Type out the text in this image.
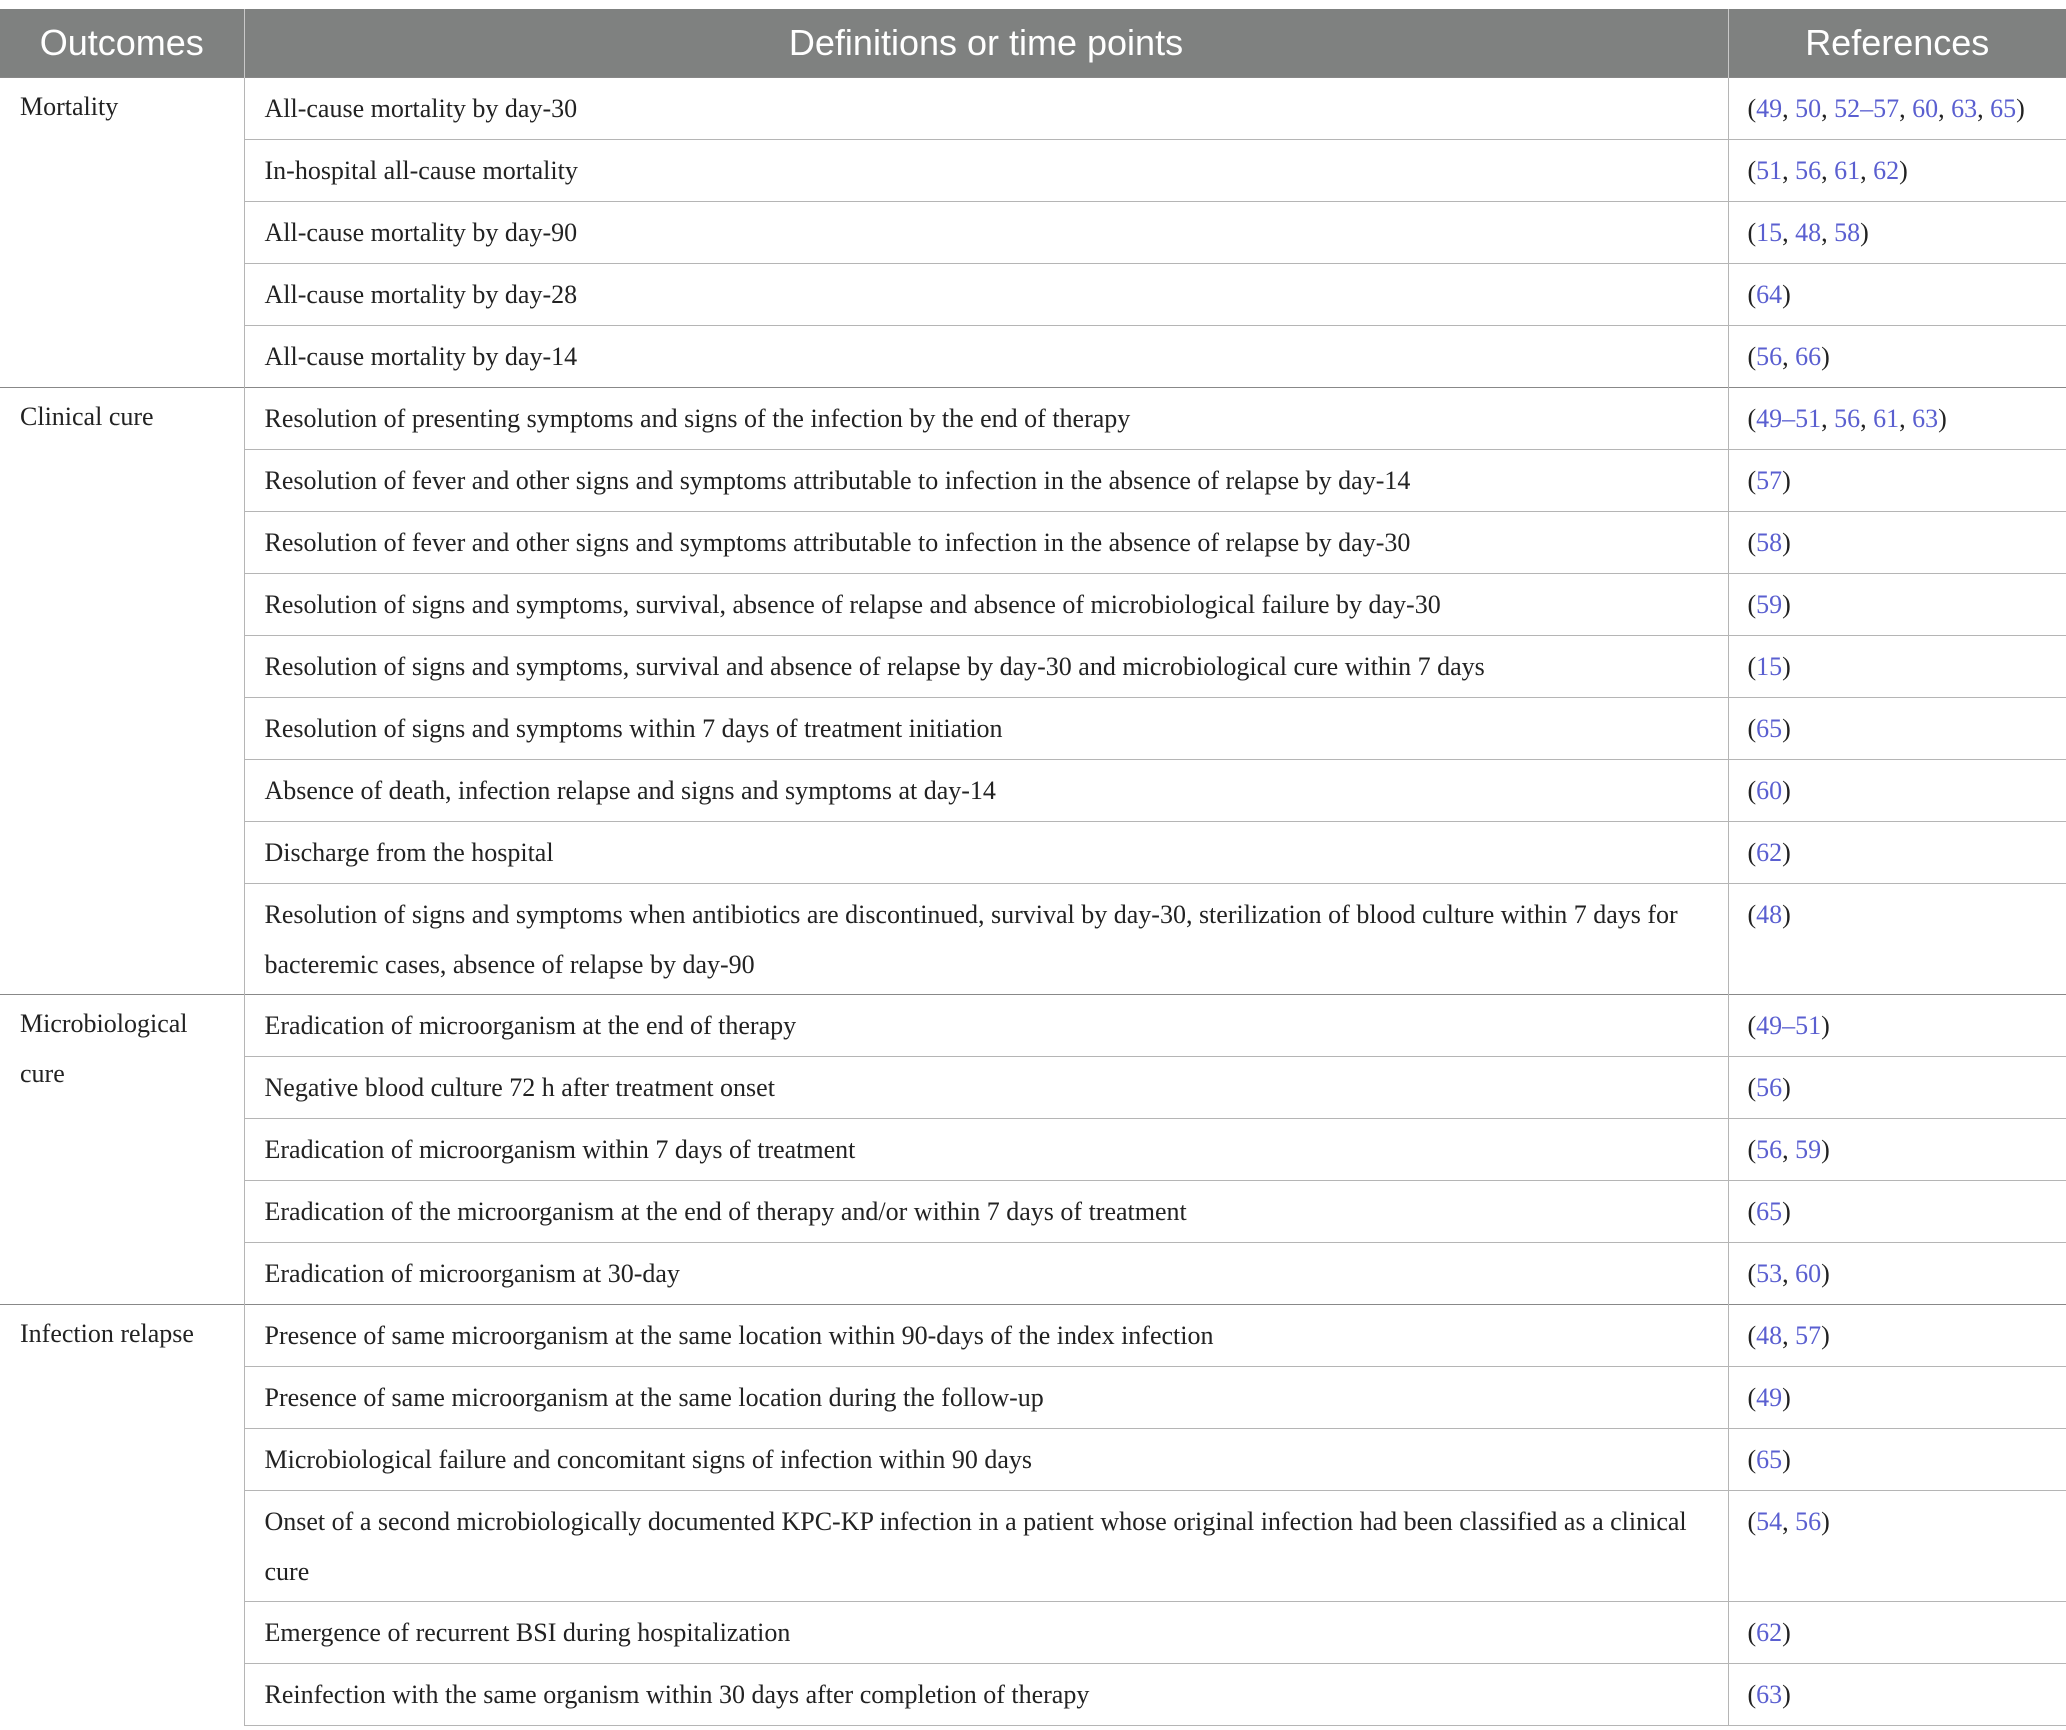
Outcomes	Definitions or time points	References
Mortality	All-cause mortality by day-30	(49, 50, 52–57, 60, 63, 65)
	In-hospital all-cause mortality	(51, 56, 61, 62)
	All-cause mortality by day-90	(15, 48, 58)
	All-cause mortality by day-28	(64)
	All-cause mortality by day-14	(56, 66)
Clinical cure	Resolution of presenting symptoms and signs of the infection by the end of therapy	(49–51, 56, 61, 63)
	Resolution of fever and other signs and symptoms attributable to infection in the absence of relapse by day-14	(57)
	Resolution of fever and other signs and symptoms attributable to infection in the absence of relapse by day-30	(58)
	Resolution of signs and symptoms, survival, absence of relapse and absence of microbiological failure by day-30	(59)
	Resolution of signs and symptoms, survival and absence of relapse by day-30 and microbiological cure within 7 days	(15)
	Resolution of signs and symptoms within 7 days of treatment initiation	(65)
	Absence of death, infection relapse and signs and symptoms at day-14	(60)
	Discharge from the hospital	(62)
	Resolution of signs and symptoms when antibiotics are discontinued, survival by day-30, sterilization of blood culture within 7 days for bacteremic cases, absence of relapse by day-90	(48)
Microbiological cure	Eradication of microorganism at the end of therapy	(49–51)
	Negative blood culture 72 h after treatment onset	(56)
	Eradication of microorganism within 7 days of treatment	(56, 59)
	Eradication of the microorganism at the end of therapy and/or within 7 days of treatment	(65)
	Eradication of microorganism at 30-day	(53, 60)
Infection relapse	Presence of same microorganism at the same location within 90-days of the index infection	(48, 57)
	Presence of same microorganism at the same location during the follow-up	(49)
	Microbiological failure and concomitant signs of infection within 90 days	(65)
	Onset of a second microbiologically documented KPC-KP infection in a patient whose original infection had been classified as a clinical cure	(54, 56)
	Emergence of recurrent BSI during hospitalization	(62)
	Reinfection with the same organism within 30 days after completion of therapy	(63)
